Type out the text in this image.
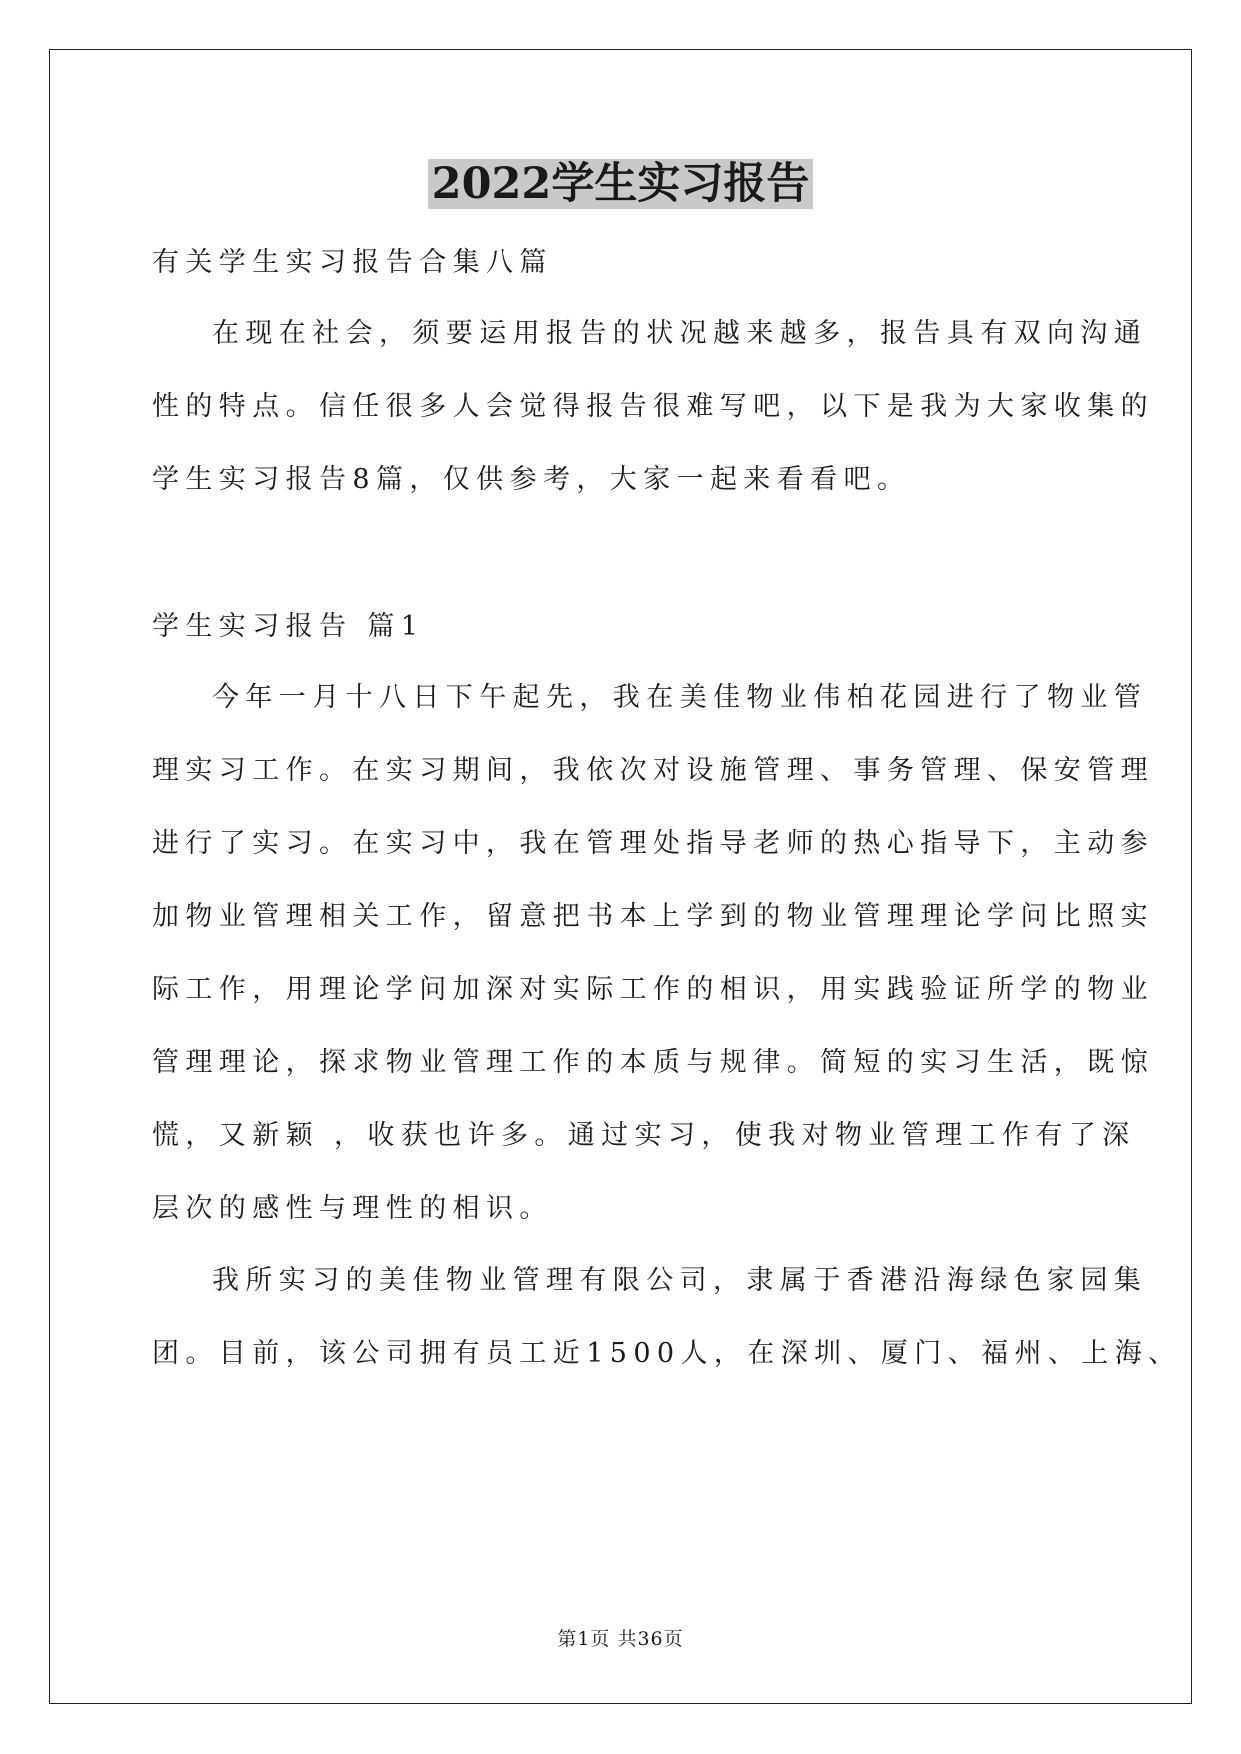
2022学生实习报告
有关学生实习报告合集八篇
在现在社会，须要运用报告的状况越来越多，报告具有双向沟通
性的特点。信任很多人会觉得报告很难写吧，以下是我为大家收集的
学生实习报告8篇，仅供参考，大家一起来看看吧。
学生实习报告 篇1
今年一月十八日下午起先，我在美佳物业伟柏花园进行了物业管
理实习工作。在实习期间，我依次对设施管理、事务管理、保安管理
进行了实习。在实习中，我在管理处指导老师的热心指导下，主动参
加物业管理相关工作，留意把书本上学到的物业管理理论学问比照实
际工作，用理论学问加深对实际工作的相识，用实践验证所学的物业
管理理论，探求物业管理工作的本质与规律。简短的实习生活，既惊
慌，又新颖 ，收获也许多。通过实习，使我对物业管理工作有了深
层次的感性与理性的相识。
我所实习的美佳物业管理有限公司，隶属于香港沿海绿色家园集
团。目前，该公司拥有员工近1500人，在深圳、厦门、福州、上海、
第1页 共36页
